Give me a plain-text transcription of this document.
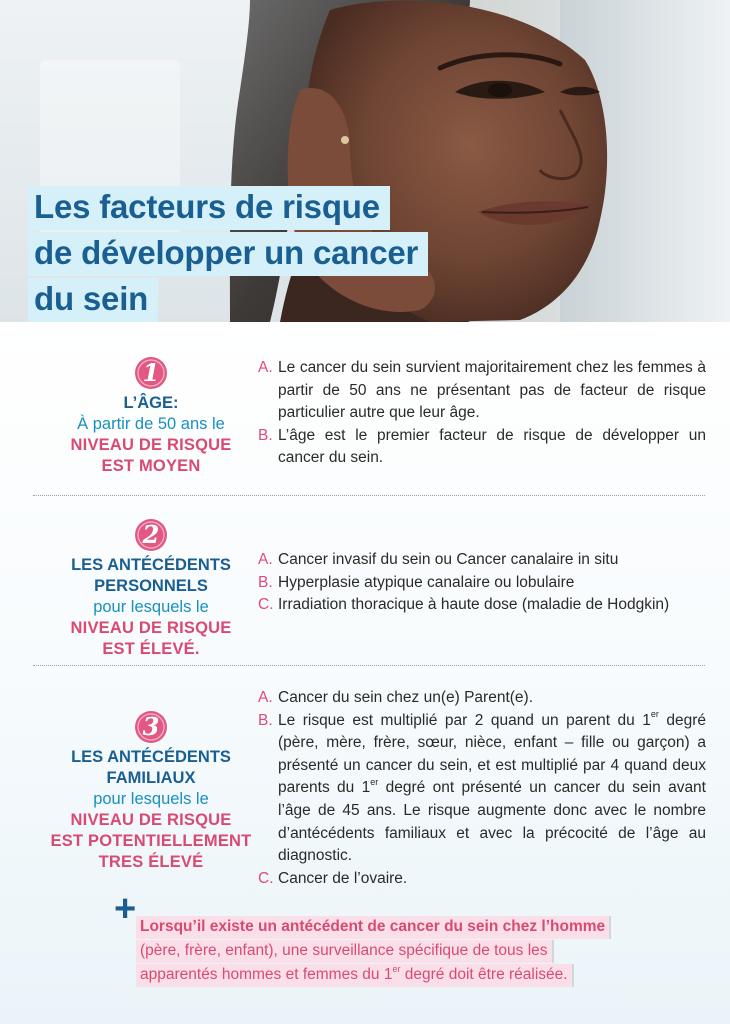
Les facteurs de risque
de développer un cancer
du sein
1
L’ÂGE:
À partir de 50 ans le
NIVEAU DE RISQUE
EST MOYEN
A. Le cancer du sein survient majoritairement chez les femmes à partir de 50 ans ne présentant pas de facteur de risque particulier autre que leur âge.
B. L’âge est le premier facteur de risque de développer un cancer du sein.
2
LES ANTÉCÉDENTS
PERSONNELS
pour lesquels le
NIVEAU DE RISQUE
EST ÉLEVÉ.
A. Cancer invasif du sein ou Cancer canalaire in situ
B. Hyperplasie atypique canalaire ou lobulaire
C. Irradiation thoracique à haute dose (maladie de Hodgkin)
3
LES ANTÉCÉDENTS
FAMILIAUX
pour lesquels le
NIVEAU DE RISQUE
EST POTENTIELLEMENT
TRES ÉLEVÉ
A. Cancer du sein chez un(e) Parent(e).
B. Le risque est multiplié par 2 quand un parent du 1er degré (père, mère, frère, sœur, nièce, enfant – fille ou garçon) a présenté un cancer du sein, et est multiplié par 4 quand deux parents du 1er degré ont présenté un cancer du sein avant l’âge de 45 ans. Le risque augmente donc avec le nombre d’antécédents familiaux et avec la précocité de l’âge au diagnostic.
C. Cancer de l’ovaire.
+ Lorsqu’il existe un antécédent de cancer du sein chez l’homme
(père, frère, enfant), une surveillance spécifique de tous les
apparentés hommes et femmes du 1er degré doit être réalisée.
